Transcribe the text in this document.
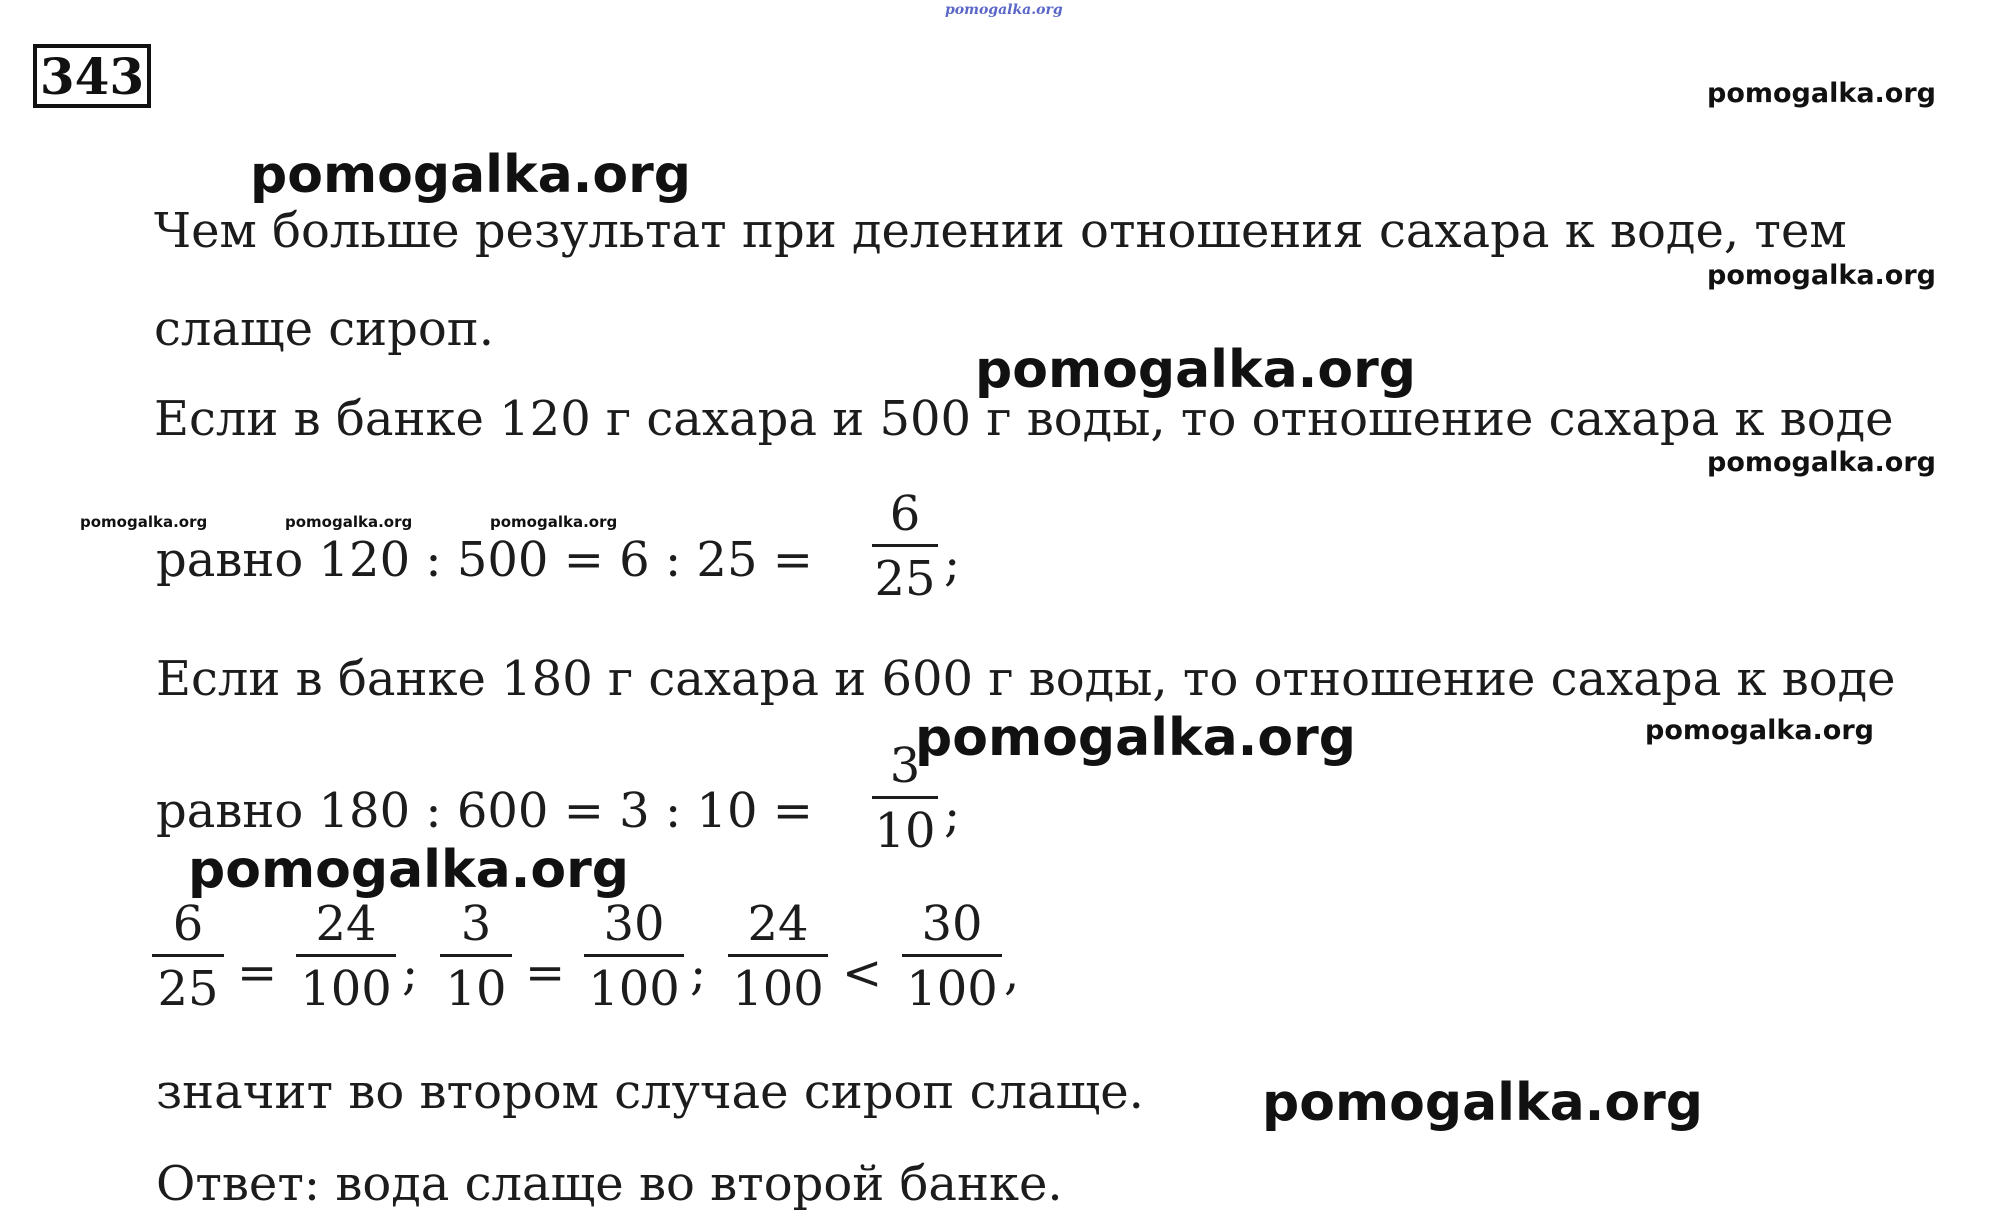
pomogalka.org
343	pomogalka.org
pomogalka.org
Чем больше результат при делении отношения сахара к воде, тем
pomogalka.org
слаще сироп.
pomogalka.org
Если в банке 120 г сахара и 500 г воды, то отношение сахара к воде
pomogalka.org
pomogalka.org	pomogalka.org	pomogalka.org
равно 120 : 500 = 6 : 25 =
6
25 ;
Если в банке 180 г сахара и 600 г воды, то отношение сахара к воде
pomogalka.org	pomogalka.org
равно 180 : 600 = 3 : 10 =
3
10 ;
pomogalka.org
6
25 =
24
100 ;
3
10 =
30
100 ;
24
100 <
30
100 ,
значит во втором случае сироп слаще. pomogalka.org
Ответ: вода слаще во второй банке.
